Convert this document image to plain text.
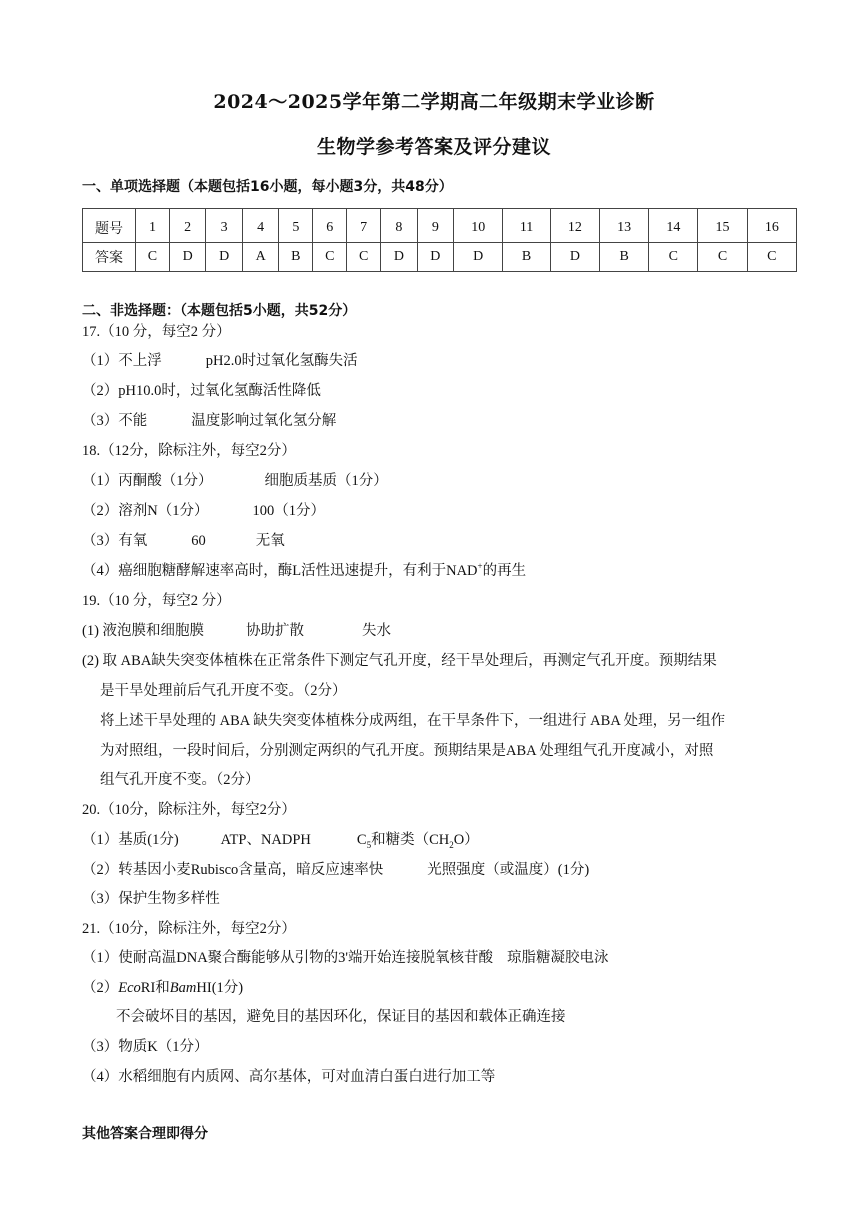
2024～2025学年第二学期高二年级期末学业诊断
生物学参考答案及评分建议
一、单项选择题（本题包括16小题，每小题3分，共48分）
题号	1	2	3	4	5	6	7	8	9	10	11	12	13	14	15	16
答案	C	D	D	A	B	C	C	D	D	D	B	D	B	C	C	C
二、非选择题：（本题包括5小题，共52分）
17.（10 分，每空2 分）
（1）不上浮	pH2.0时过氧化氢酶失活
（2）pH10.0时，过氧化氢酶活性降低
（3）不能	温度影响过氧化氢分解
18.（12分，除标注外，每空2分）
（1）丙酮酸（1分）	细胞质基质（1分）
（2）溶剂N（1分）	100（1分）
（3）有氧	60	无氧
（4）癌细胞糖酵解速率高时，酶L活性迅速提升，有利于NAD+的再生
19.（10 分，每空2 分）
(1) 液泡膜和细胞膜	协助扩散	失水
(2) 取 ABA缺失突变体植株在正常条件下测定气孔开度，经干旱处理后，再测定气孔开度。预期结果
是干旱处理前后气孔开度不变。（2分）
将上述干旱处理的 ABA 缺失突变体植株分成两组，在干旱条件下，一组进行 ABA 处理，另一组作
为对照组，一段时间后，分别测定两织的气孔开度。预期结果是ABA 处理组气孔开度减小，对照
组气孔开度不变。（2分）
20.（10分，除标注外，每空2分）
（1）基质(1分)	ATP、NADPH	$C_5$和糖类$(CH_2O)$
（2）转基因小麦Rubisco含量高，暗反应速率快	光照强度（或温度）(1分)
（3）保护生物多样性
21.（10分，除标注外，每空2分）
（1）使耐高温DNA聚合酶能够从引物的3'端开始连接脱氧核苷酸 琼脂糖凝胶电泳
（2）EcoRI和BamHI(1分)
不会破坏目的基因，避免目的基因环化，保证目的基因和载体正确连接
（3）物质K（1分）
（4）水稻细胞有内质网、高尔基体，可对血清白蛋白进行加工等
其他答案合理即得分
